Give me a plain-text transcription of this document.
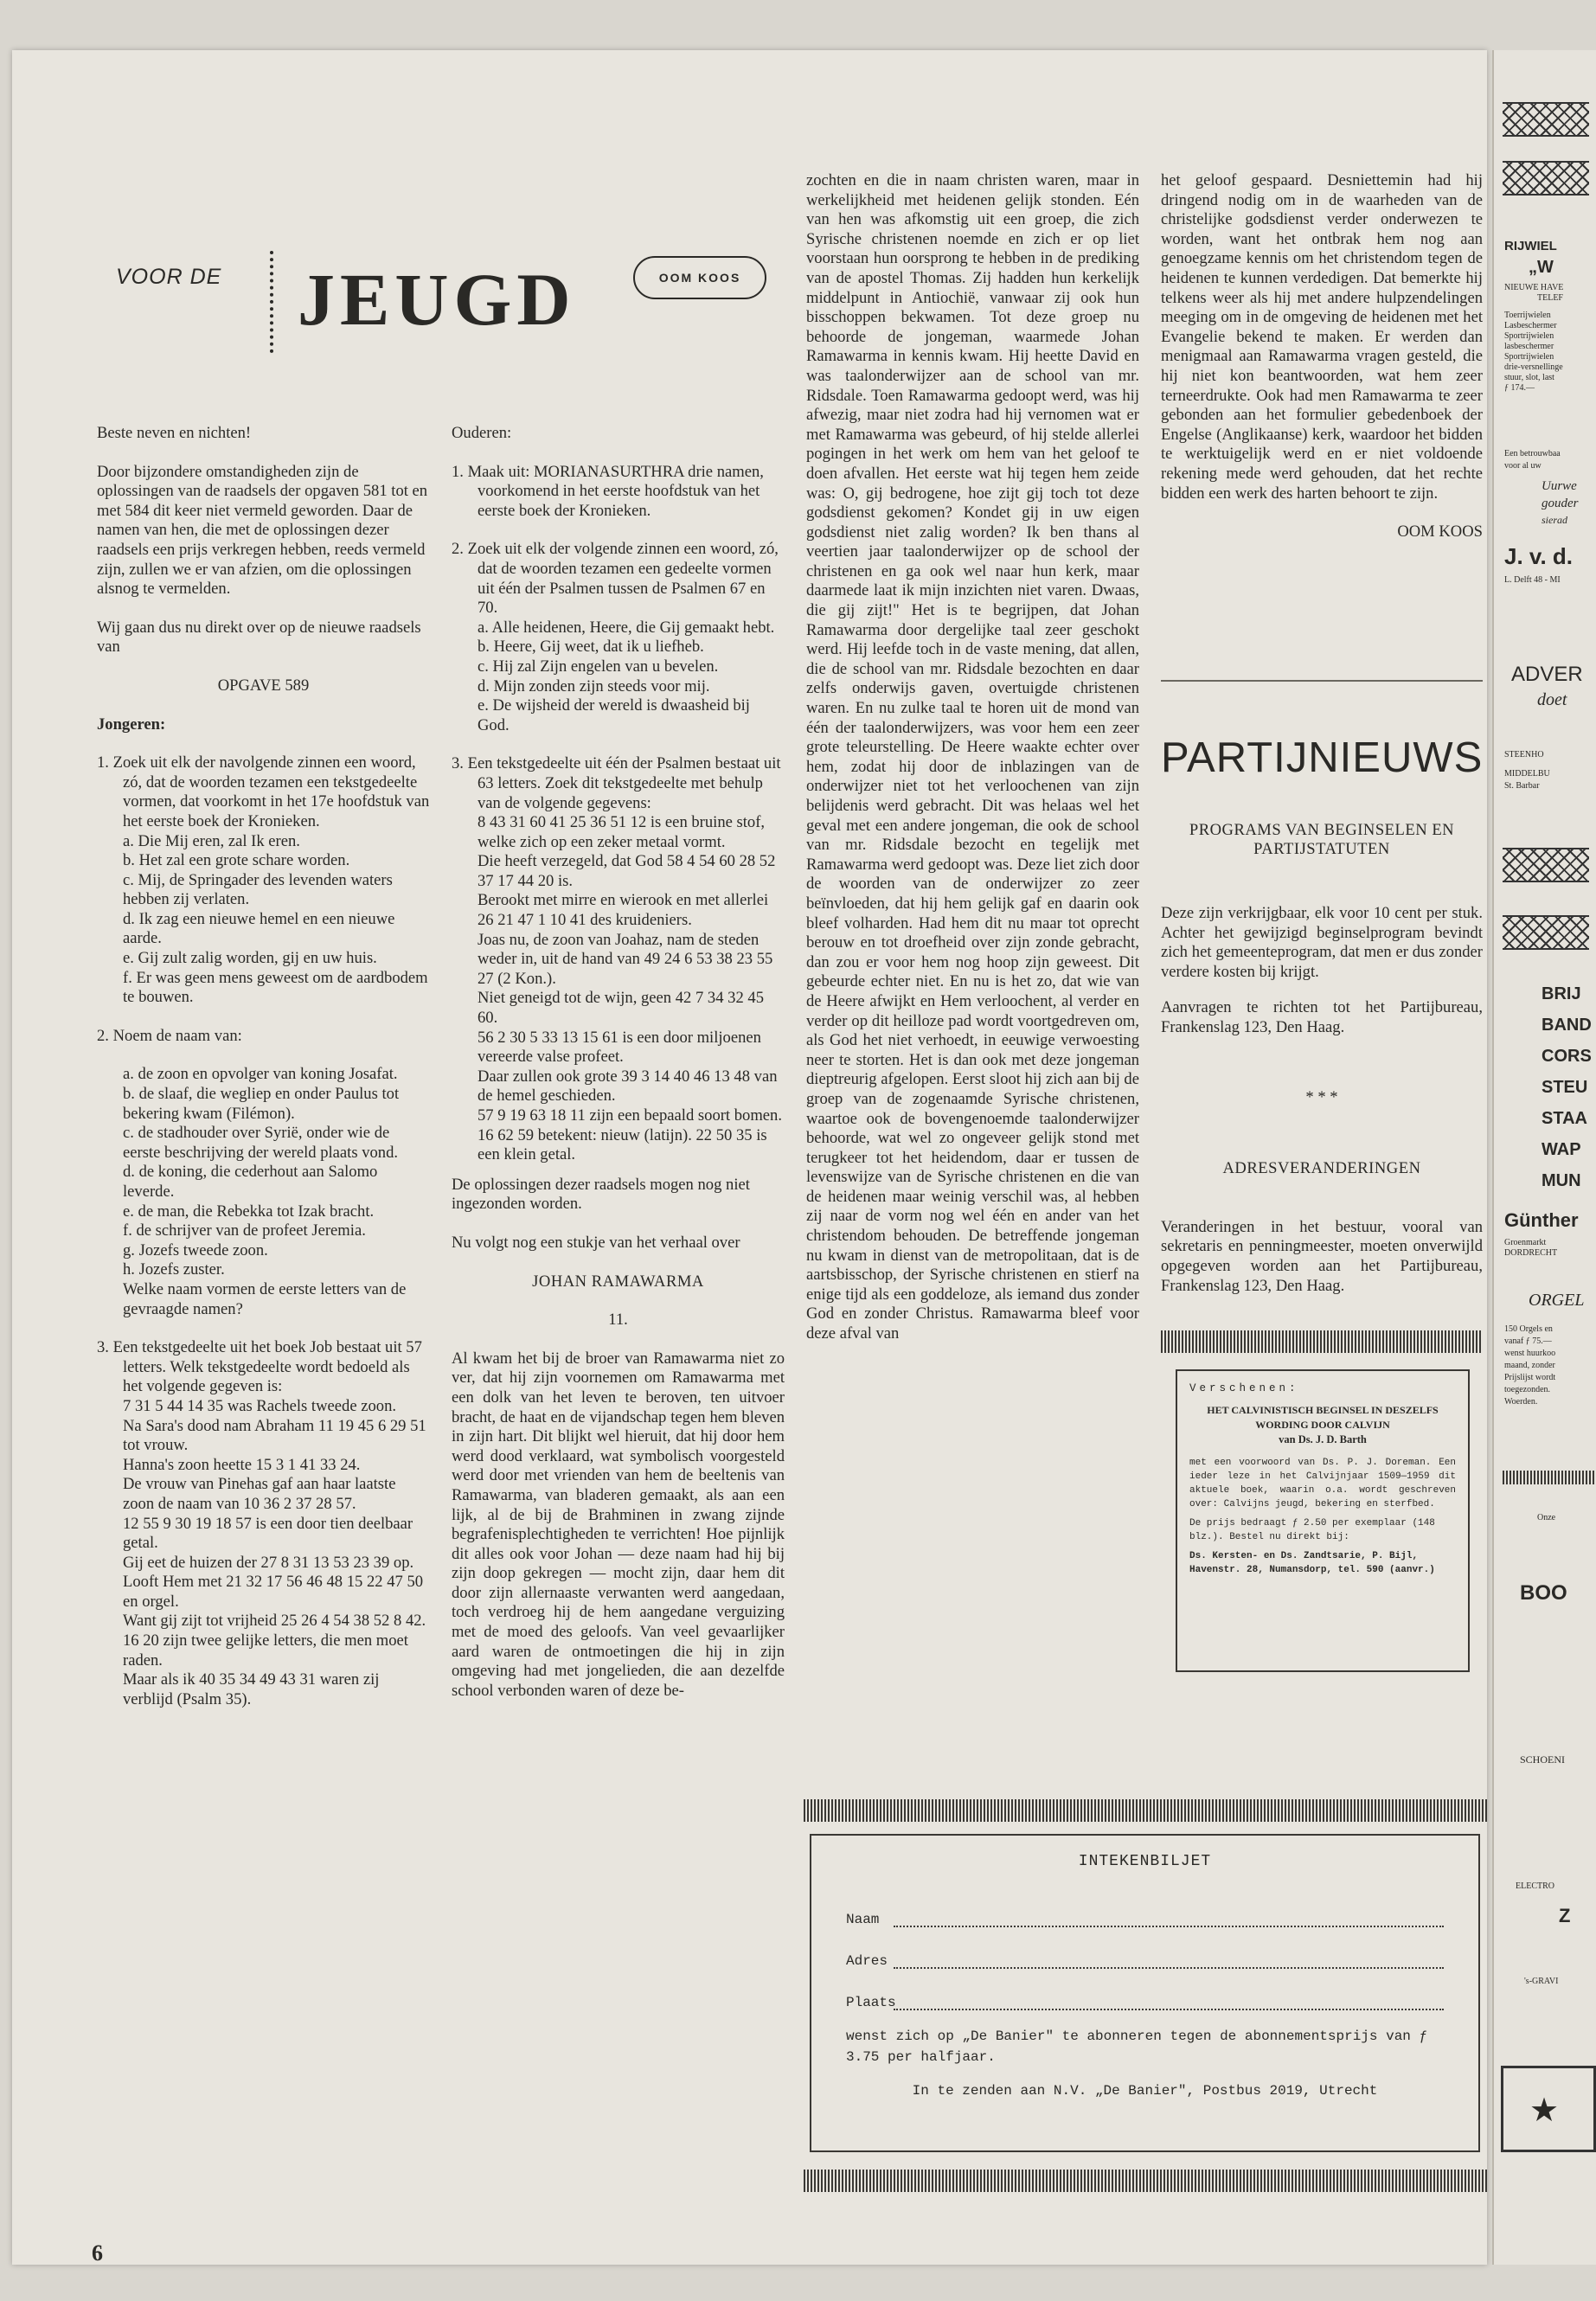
VOOR DE JEUGD	OOM KOOS

Beste neven en nichten!

Door bijzondere omstandigheden zijn de oplossingen van de raadsels der opgaven 581 tot en met 584 dit keer niet vermeld geworden. Daar de namen van hen, die met de oplossingen dezer raadsels een prijs verkregen hebben, reeds vermeld zijn, zullen we er van afzien, om die oplossingen alsnog te vermelden.

Wij gaan dus nu direkt over op de nieuwe raadsels van

OPGAVE 589

Jongeren:

1. Zoek uit elk der navolgende zinnen een woord, zó, dat de woorden tezamen een tekstgedeelte vormen, dat voorkomt in het 17e hoofdstuk van het eerste boek der Kronieken.

a. Die Mij eren, zal Ik eren.

b. Het zal een grote schare worden.

c. Mij, de Springader des levenden waters hebben zij verlaten.

d. Ik zag een nieuwe hemel en een nieuwe aarde.

e. Gij zult zalig worden, gij en uw huis.

f. Er was geen mens geweest om de aardbodem te bouwen.

2. Noem de naam van:

a. de zoon en opvolger van koning Josafat.

b. de slaaf, die wegliep en onder Paulus tot bekering kwam (Filémon).

c. de stadhouder over Syrië, onder wie de eerste beschrijving der wereld plaats vond.

d. de koning, die cederhout aan Salomo leverde.

e. de man, die Rebekka tot Izak bracht.

f. de schrijver van de profeet Jeremia.

g. Jozefs tweede zoon.

h. Jozefs zuster.

Welke naam vormen de eerste letters van de gevraagde namen?

3. Een tekstgedeelte uit het boek Job bestaat uit 57 letters. Welk tekstgedeelte wordt bedoeld als het volgende gegeven is:

7 31 5 44 14 35 was Rachels tweede zoon.

Na Sara's dood nam Abraham 11 19 45 6 29 51 tot vrouw.

Hanna's zoon heette 15 3 1 41 33 24.

De vrouw van Pinehas gaf aan haar laatste zoon de naam van 10 36 2 37 28 57.

12 55 9 30 19 18 57 is een door tien deelbaar getal.

Gij eet de huizen der 27 8 31 13 53 23 39 op.

Looft Hem met 21 32 17 56 46 48 15 22 47 50 en orgel.

Want gij zijt tot vrijheid 25 26 4 54 38 52 8 42.

16 20 zijn twee gelijke letters, die men moet raden.

Maar als ik 40 35 34 49 43 31 waren zij verblijd (Psalm 35).

Ouderen:

1. Maak uit: MORIANASURTHRA drie namen, voorkomend in het eerste hoofdstuk van het eerste boek der Kronieken.

2. Zoek uit elk der volgende zinnen een woord, zó, dat de woorden tezamen een gedeelte vormen uit één der Psalmen tussen de Psalmen 67 en 70.

a. Alle heidenen, Heere, die Gij gemaakt hebt.

b. Heere, Gij weet, dat ik u liefheb.

c. Hij zal Zijn engelen van u bevelen.

d. Mijn zonden zijn steeds voor mij.

e. De wijsheid der wereld is dwaasheid bij God.

3. Een tekstgedeelte uit één der Psalmen bestaat uit 63 letters. Zoek dit tekstgedeelte met behulp van de volgende gegevens:

8 43 31 60 41 25 36 51 12 is een bruine stof, welke zich op een zeker metaal vormt.

Die heeft verzegeld, dat God 58 4 54 60 28 52 37 17 44 20 is.

Berookt met mirre en wierook en met allerlei 26 21 47 1 10 41 des kruideniers.

Joas nu, de zoon van Joahaz, nam de steden weder in, uit de hand van 49 24 6 53 38 23 55 27 (2 Kon.).

Niet geneigd tot de wijn, geen 42 7 34 32 45 60.

56 2 30 5 33 13 15 61 is een door miljoenen vereerde valse profeet.

Daar zullen ook grote 39 3 14 40 46 13 48 van de hemel geschieden.

57 9 19 63 18 11 zijn een bepaald soort bomen.

16 62 59 betekent: nieuw (latijn). 22 50 35 is een klein getal.

De oplossingen dezer raadsels mogen nog niet ingezonden worden.

Nu volgt nog een stukje van het verhaal over

JOHAN RAMAWARMA

11.

Al kwam het bij de broer van Ramawarma niet zo ver, dat hij zijn voornemen om Ramawarma met een dolk van het leven te beroven, ten uitvoer bracht, de haat en de vijandschap tegen hem bleven in zijn hart. Dit blijkt wel hieruit, dat hij door hem werd dood verklaard, wat symbolisch voorgesteld werd door met vrienden van hem de beeltenis van Ramawarma, van bladeren gemaakt, als aan een lijk, al de bij de Brahminen in zwang zijnde begrafenisplechtigheden te verrichten! Hoe pijnlijk dit alles ook voor Johan — deze naam had hij bij zijn doop gekregen — mocht zijn, daar hem dit door zijn allernaaste verwanten werd aangedaan, toch verdroeg hij de hem aangedane verguizing met de moed des geloofs. Van veel gevaarlijker aard waren de ontmoetingen die hij in zijn omgeving had met jongelieden, die aan dezelfde school verbonden waren of deze be-

zochten en die in naam christen waren, maar in werkelijkheid met heidenen gelijk stonden. Eén van hen was afkomstig uit een groep, die zich Syrische christenen noemde en zich er op liet voorstaan hun oorsprong te hebben in de prediking van de apostel Thomas. Zij hadden hun kerkelijk middelpunt in Antiochië, vanwaar zij ook hun bisschoppen bekwamen. Tot deze groep nu behoorde de jongeman, waarmede Johan Ramawarma in kennis kwam. Hij heette David en was taalonderwijzer aan de school van mr. Ridsdale. Toen Ramawarma gedoopt werd, was hij afwezig, maar niet zodra had hij vernomen wat er met Ramawarma was gebeurd, of hij stelde allerlei pogingen in het werk om hem van het geloof te doen afvallen. Het eerste wat hij tegen hem zeide was: O, gij bedrogene, hoe zijt gij toch tot deze godsdienst gekomen? Kondet gij in uw eigen godsdienst niet zalig worden? Ik ben thans al veertien jaar taalonderwijzer op de school der christenen en ga ook wel naar hun kerk, maar daarmede laat ik mijn inzichten niet varen. Dwaas, die gij zijt!" Het is te begrijpen, dat Johan Ramawarma door dergelijke taal zeer geschokt werd. Hij leefde toch in de vaste mening, dat allen, die de school van mr. Ridsdale bezochten en daar zelfs onderwijs gaven, overtuigde christenen waren. En nu zulke taal te horen uit de mond van één der taalonderwijzers, was voor hem een zeer grote teleurstelling. De Heere waakte echter over hem, zodat hij door de inblazingen van de onderwijzer niet tot het verloochenen van zijn belijdenis werd gebracht. Dit was helaas wel het geval met een andere jongeman, die ook de school van mr. Ridsdale bezocht en tegelijk met Ramawarma werd gedoopt was. Deze liet zich door de woorden van de onderwijzer zo zeer beïnvloeden, dat hij hem gelijk gaf en daarin ook bleef volharden. Had hem dit nu maar tot oprecht berouw en tot droefheid over zijn zonde gebracht, dan zou er voor hem nog hoop zijn geweest. Dit gebeurde echter niet. En nu is het zo, dat wie van de Heere afwijkt en Hem verloochent, al verder en verder op dit heilloze pad wordt voortgedreven om, als God het niet verhoedt, in eeuwige verwoesting neer te storten. Het is dan ook met deze jongeman dieptreurig afgelopen. Eerst sloot hij zich aan bij de groep van de zogenaamde Syrische christenen, waartoe ook de bovengenoemde taalonderwijzer behoorde, wat wel zo ongeveer gelijk stond met terugkeer tot het heidendom, daar er tussen de levenswijze van de Syrische christenen en die van de heidenen maar weinig verschil was, al hebben zij naar de vorm nog wel één en ander van het christendom behouden. De betreffende jongeman nu kwam in dienst van de metropolitaan, dat is de aartsbisschop, der Syrische christenen en stierf na enige tijd als een goddeloze, als iemand dus zonder God en zonder Christus. Ramawarma bleef voor deze afval van

het geloof gespaard. Desniettemin had hij dringend nodig om in de waarheden van de christelijke godsdienst verder onderwezen te worden, want het ontbrak hem nog aan genoegzame kennis om het christendom tegen de heidenen te kunnen verdedigen. Dat bemerkte hij telkens weer als hij met andere hulpzendelingen meeging om in de omgeving de heidenen met het Evangelie bekend te maken. Er werden dan menigmaal aan Ramawarma vragen gesteld, die hij niet kon beantwoorden, wat hem zeer terneerdrukte. Ook had men Ramawarma te zeer gebonden aan het formulier gebedenboek der Engelse (Anglikaanse) kerk, waardoor het bidden te werktuigelijk werd en er niet voldoende rekening mede werd gehouden, dat het rechte bidden een werk des harten behoort te zijn.

OOM KOOS

PARTIJNIEUWS

PROGRAMS VAN BEGINSELEN EN PARTIJSTATUTEN

Deze zijn verkrijgbaar, elk voor 10 cent per stuk. Achter het gewijzigd beginselprogram bevindt zich het gemeenteprogram, dat men er dus zonder verdere kosten bij krijgt.

Aanvragen te richten tot het Partijbureau, Frankenslag 123, Den Haag.

* * *

ADRESVERANDERINGEN

Veranderingen in het bestuur, vooral van sekretaris en penningmeester, moeten onverwijld opgegeven worden aan het Partijbureau, Frankenslag 123, Den Haag.

Verschenen:
HET CALVINISTISCH BEGINSEL IN DESZELFS WORDING DOOR CALVIJN
van Ds. J. D. Barth
met een voorwoord van Ds. P. J. Doreman. Een ieder leze in het Calvijnjaar 1509—1959 dit aktuele boek, waarin o.a. wordt geschreven over: Calvijns jeugd, bekering en sterfbed.
De prijs bedraagt ƒ 2.50 per exemplaar (148 blz.). Bestel nu direkt bij:
Ds. Kersten- en Ds. Zandtsarie, P. Bijl, Havenstr. 28, Numansdorp, tel. 590 (aanvr.)
INTEKENBILJET
Naam
Adres
Plaats
wenst zich op „De Banier" te abonneren tegen de abonnementsprijs van ƒ 3.75 per halfjaar.
In te zenden aan N.V. „De Banier", Postbus 2019, Utrecht
6
RIJWIEL
„W
NIEUWE HAVE
TELEF
Toerrijwielen
Lasbeschermer
Sportrijwielen
lasbeschermer
Sportrijwielen
drie-versnellinge
stuur, slot, last
ƒ 174.—
Een betrouwbaa
voor al uw
Uurwe
gouder
sierad
J. v. d.
L. Delft 48 - MI
ADVER
doet
STEENHO
MIDDELBU
St. Barbar
BRIJ
BAND
CORS
STEU
STAA
WAP
MUN
Günther
Groenmarkt
DORDRECHT
ORGEL
150 Orgels en
vanaf ƒ 75.—
wenst huurkoo
maand, zonder
Prijslijst wordt
toegezonden.
Woerden.
Onze
BOO
SCHOENI
ELECTRO
Z
's-GRAVI
★
